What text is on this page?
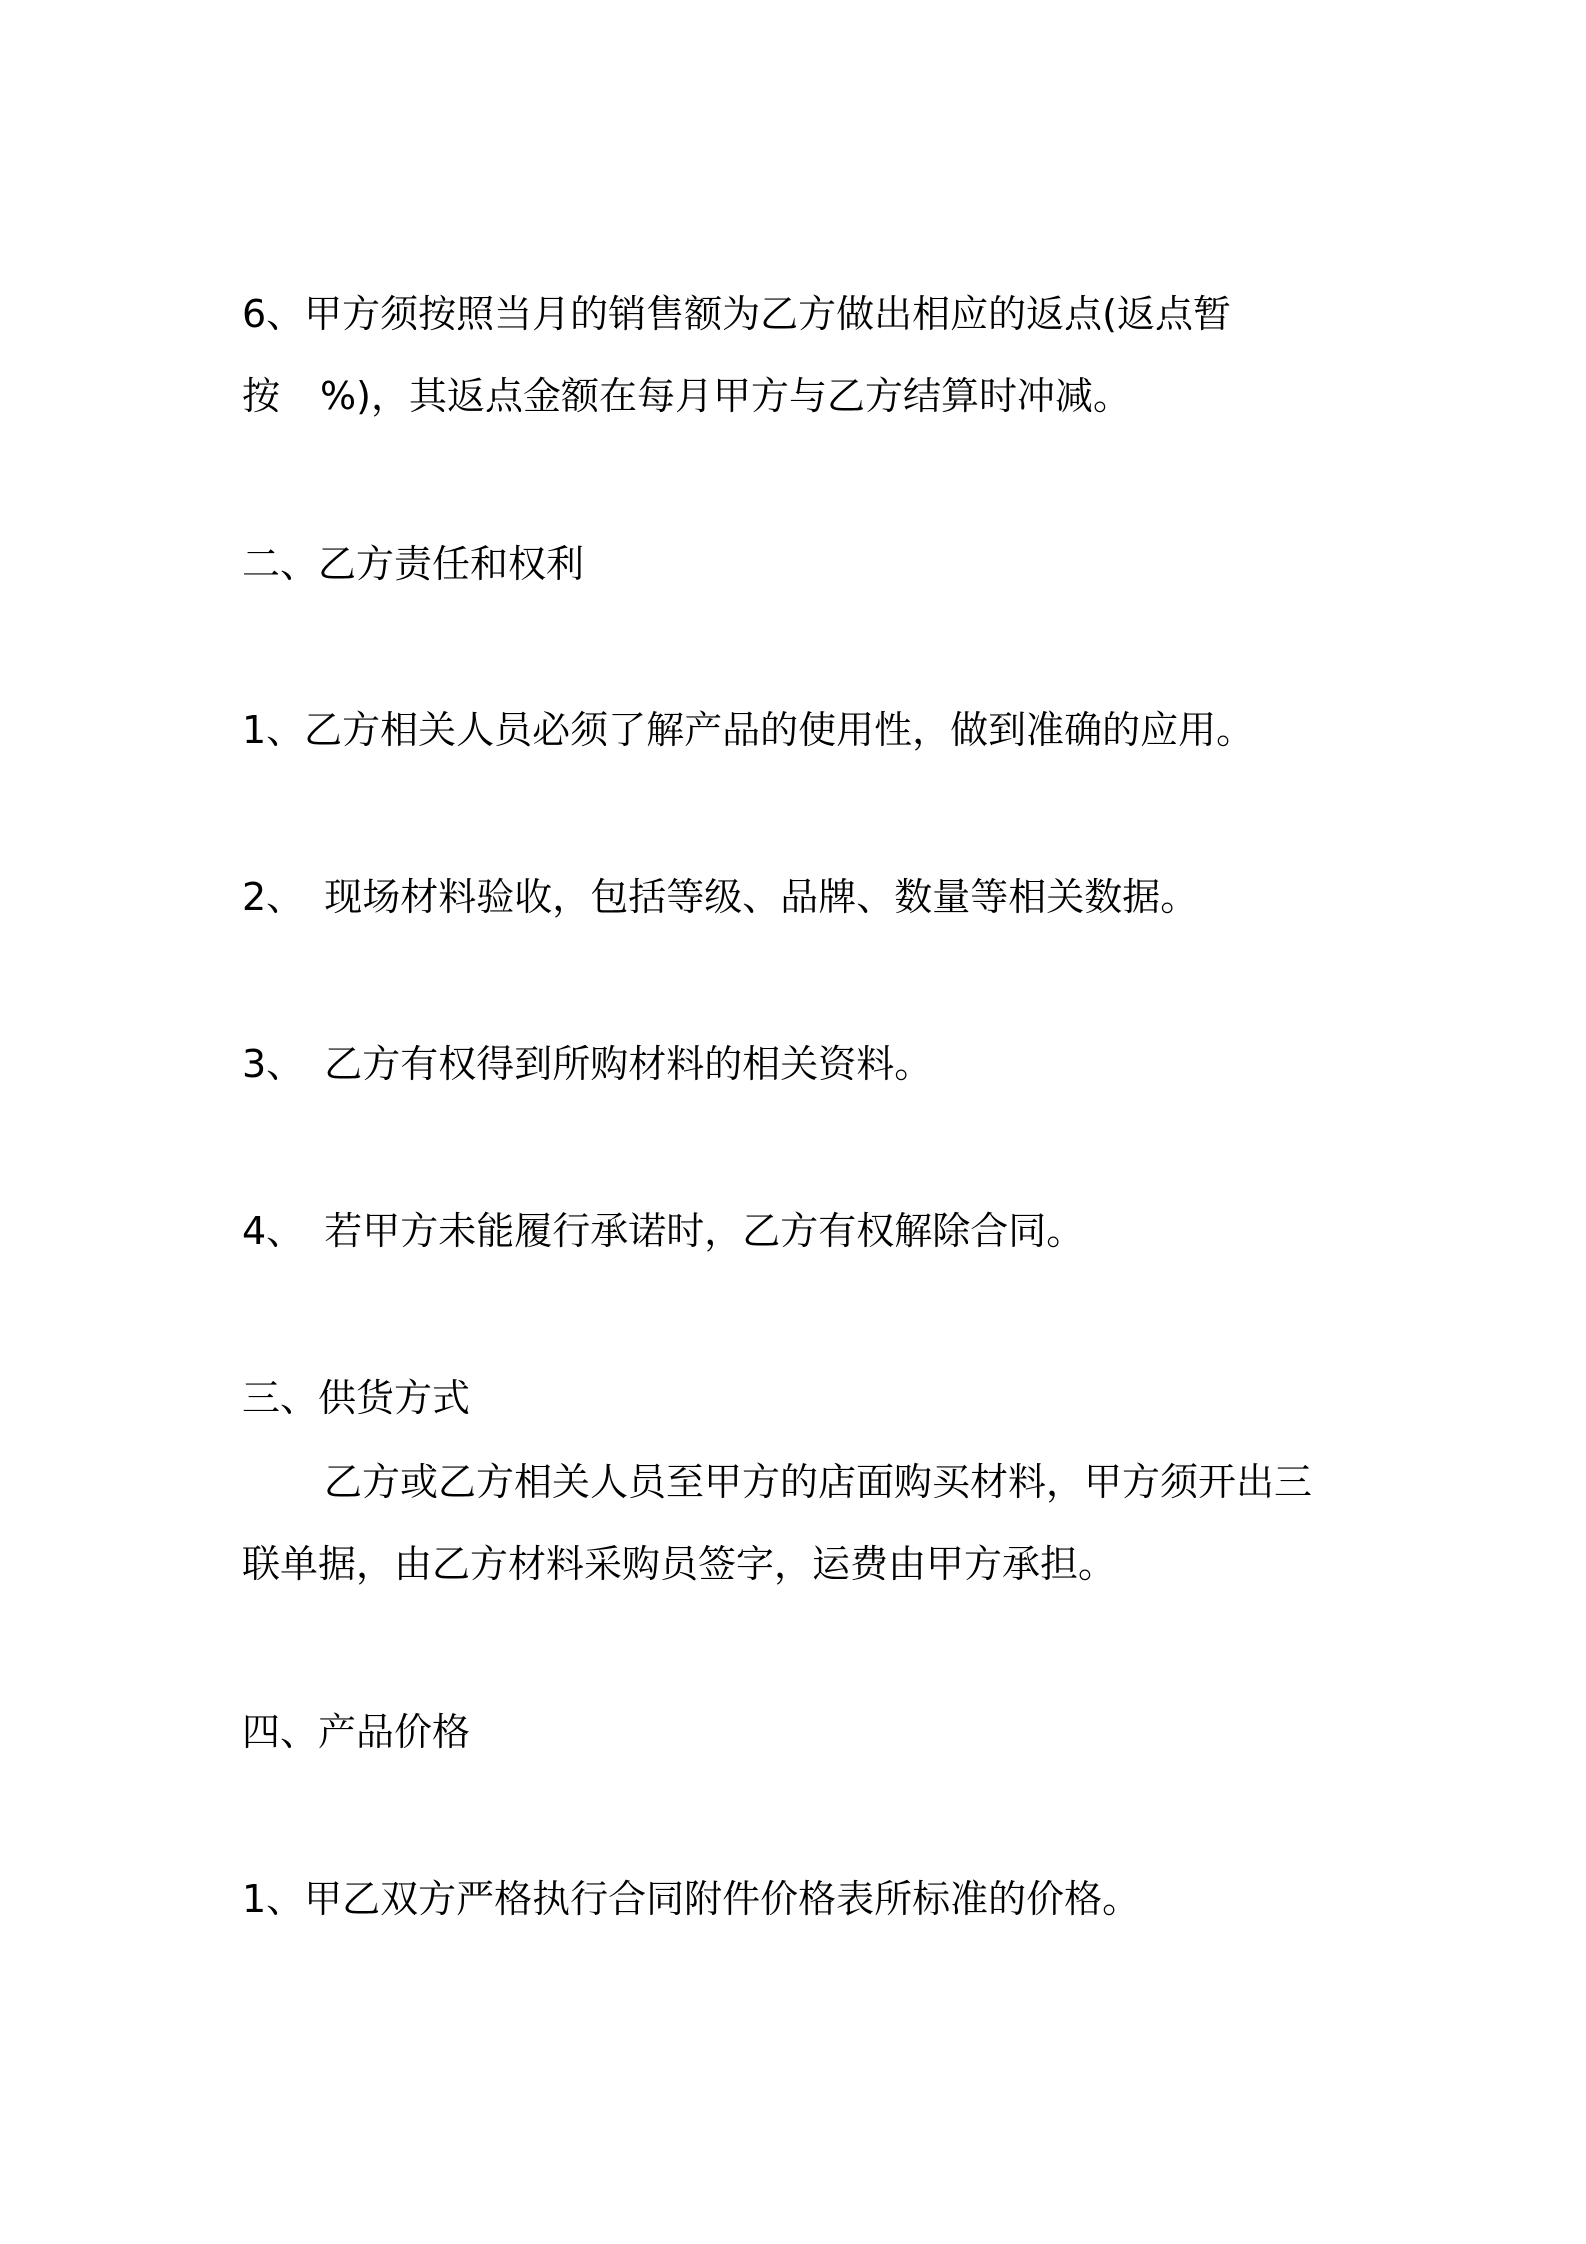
6、甲方须按照当月的销售额为乙方做出相应的返点(返点暂
按 %)，其返点金额在每月甲方与乙方结算时冲减。
二、乙方责任和权利
1、乙方相关人员必须了解产品的使用性，做到准确的应用。
2、 现场材料验收，包括等级、品牌、数量等相关数据。
3、 乙方有权得到所购材料的相关资料。
4、 若甲方未能履行承诺时，乙方有权解除合同。
三、供货方式
乙方或乙方相关人员至甲方的店面购买材料，甲方须开出三
联单据，由乙方材料采购员签字，运费由甲方承担。
四、产品价格
1、甲乙双方严格执行合同附件价格表所标准的价格。
